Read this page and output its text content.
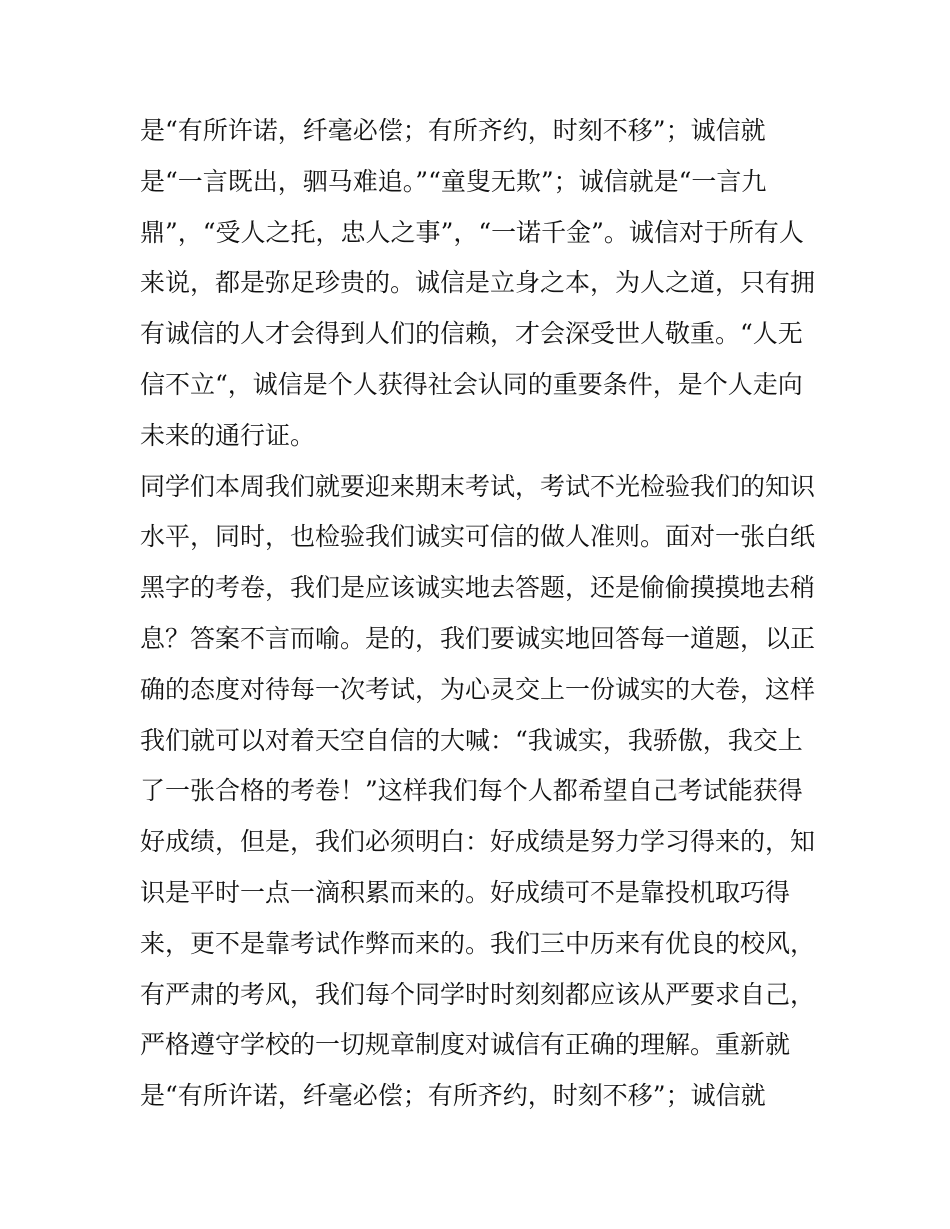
是“有所许诺，纤毫必偿；有所齐约，时刻不移”；诚信就
是“一言既出，驷马难追。”“童叟无欺”；诚信就是“一言九
鼎”，“受人之托，忠人之事”，“一诺千金”。诚信对于所有人
来说，都是弥足珍贵的。诚信是立身之本，为人之道，只有拥
有诚信的人才会得到人们的信赖，才会深受世人敬重。“人无
信不立“，诚信是个人获得社会认同的重要条件，是个人走向
未来的通行证。
同学们本周我们就要迎来期末考试，考试不光检验我们的知识
水平，同时，也检验我们诚实可信的做人准则。面对一张白纸
黑字的考卷，我们是应该诚实地去答题，还是偷偷摸摸地去稍
息？答案不言而喻。是的，我们要诚实地回答每一道题，以正
确的态度对待每一次考试，为心灵交上一份诚实的大卷，这样
我们就可以对着天空自信的大喊：“我诚实，我骄傲，我交上
了一张合格的考卷！”这样我们每个人都希望自己考试能获得
好成绩，但是，我们必须明白：好成绩是努力学习得来的，知
识是平时一点一滴积累而来的。好成绩可不是靠投机取巧得
来，更不是靠考试作弊而来的。我们三中历来有优良的校风，
有严肃的考风，我们每个同学时时刻刻都应该从严要求自己，
严格遵守学校的一切规章制度对诚信有正确的理解。重新就
是“有所许诺，纤毫必偿；有所齐约，时刻不移”；诚信就
